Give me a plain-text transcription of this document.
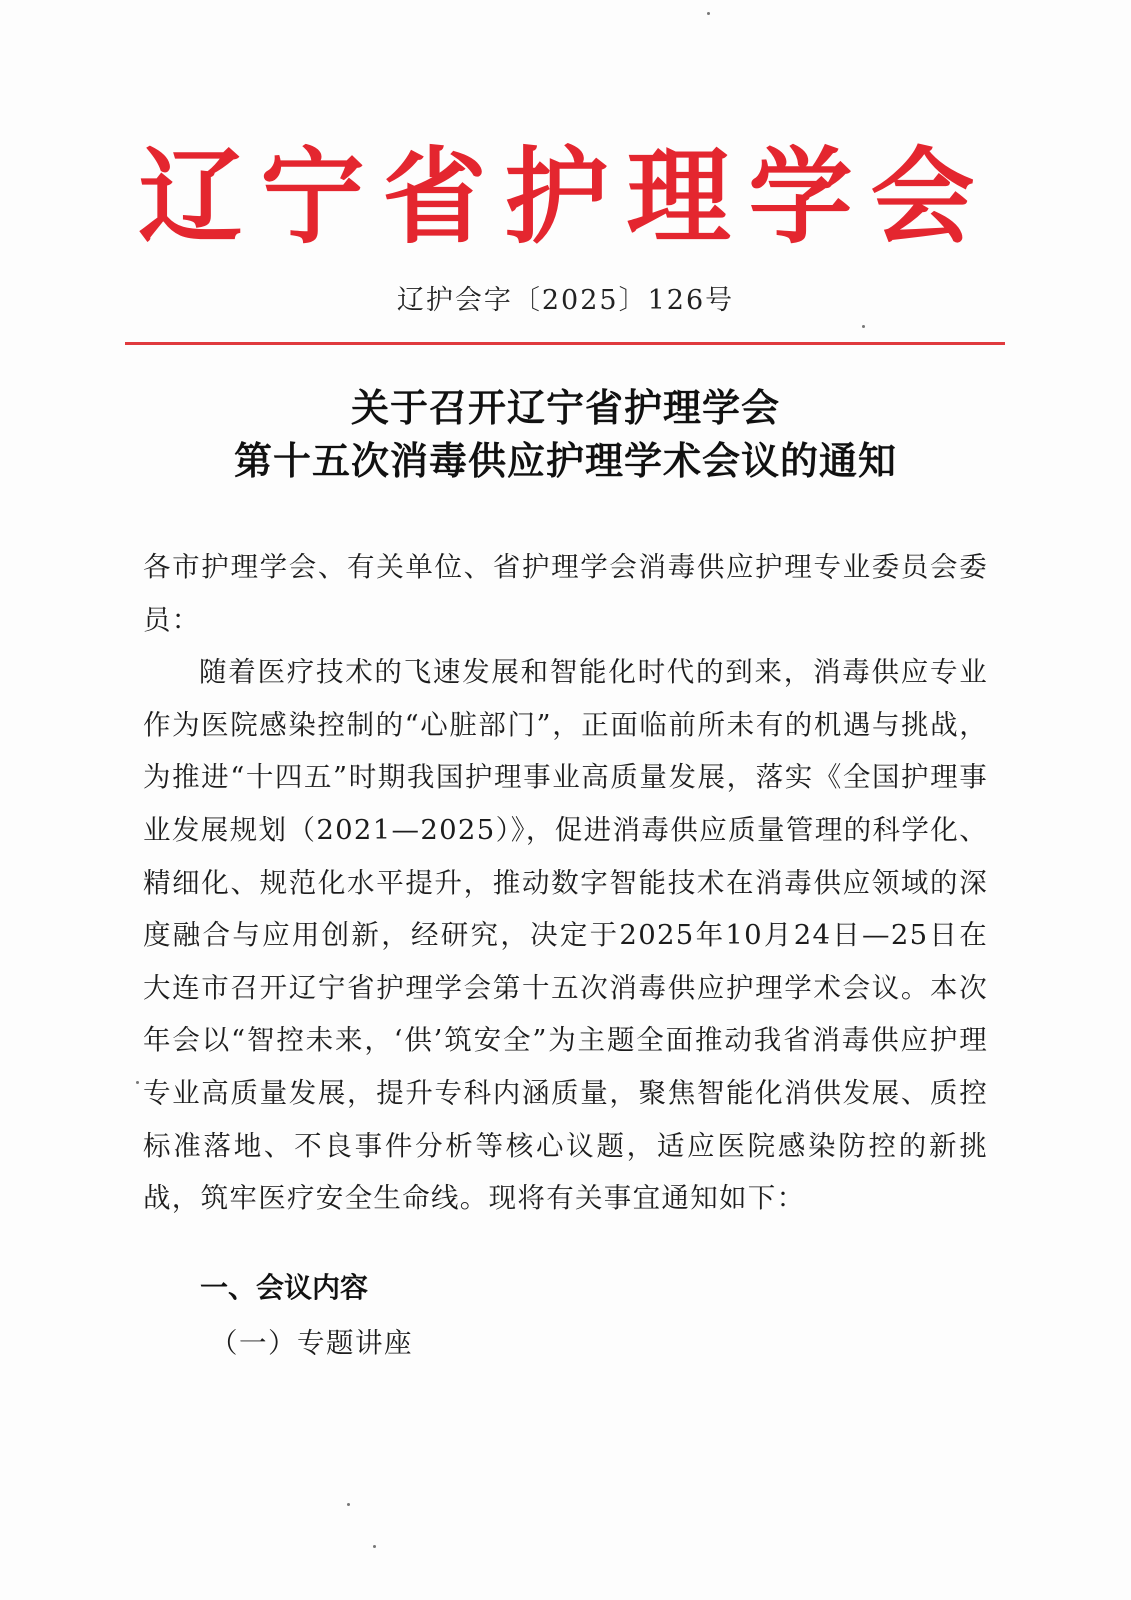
辽宁省护理学会
辽护会字〔2025〕126号
关于召开辽宁省护理学会
第十五次消毒供应护理学术会议的通知

各市护理学会、有关单位、省护理学会消毒供应护理专业委员会委员：

随着医疗技术的飞速发展和智能化时代的到来，消毒供应专业作为医院感染控制的“心脏部门”，正面临前所未有的机遇与挑战，为推进“十四五”时期我国护理事业高质量发展，落实《全国护理事业发展规划（2021—2025）》，促进消毒供应质量管理的科学化、精细化、规范化水平提升，推动数字智能技术在消毒供应领域的深度融合与应用创新，经研究，决定于2025年10月24日—25日在大连市召开辽宁省护理学会第十五次消毒供应护理学术会议。本次年会以“智控未来，‘供’筑安全”为主题全面推动我省消毒供应护理专业高质量发展，提升专科内涵质量，聚焦智能化消供发展、质控标准落地、不良事件分析等核心议题，适应医院感染防控的新挑战，筑牢医疗安全生命线。现将有关事宜通知如下：

一、会议内容
（一）专题讲座
